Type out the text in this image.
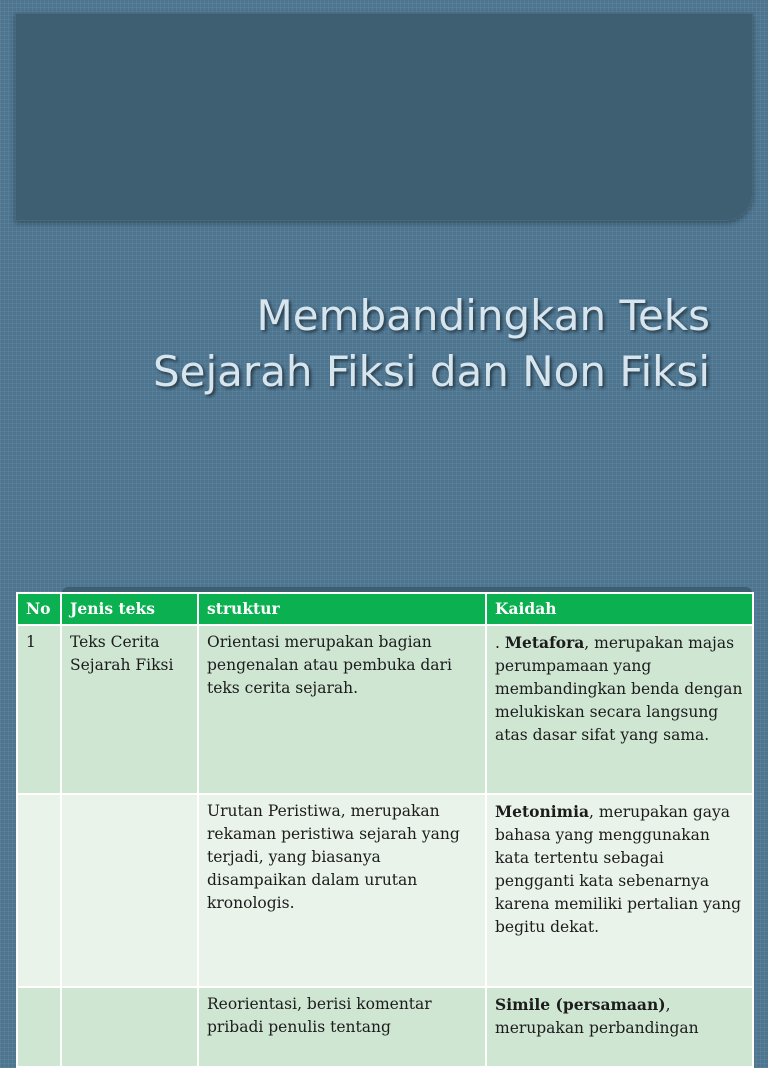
Membandingkan Teks
Sejarah Fiksi dan Non Fiksi
No	Jenis teks	struktur	Kaidah
1	Teks Cerita Sejarah Fiksi	Orientasi merupakan bagian pengenalan atau pembuka dari teks cerita sejarah.	. Metafora, merupakan majas perumpamaan yang membandingkan benda dengan melukiskan secara langsung atas dasar sifat yang sama.
		Urutan Peristiwa, merupakan rekaman peristiwa sejarah yang terjadi, yang biasanya disampaikan dalam urutan kronologis.	Metonimia, merupakan gaya bahasa yang menggunakan kata tertentu sebagai pengganti kata sebenarnya karena memiliki pertalian yang begitu dekat.
		Reorientasi, berisi komentar pribadi penulis tentang	Simile (persamaan), merupakan perbandingan
